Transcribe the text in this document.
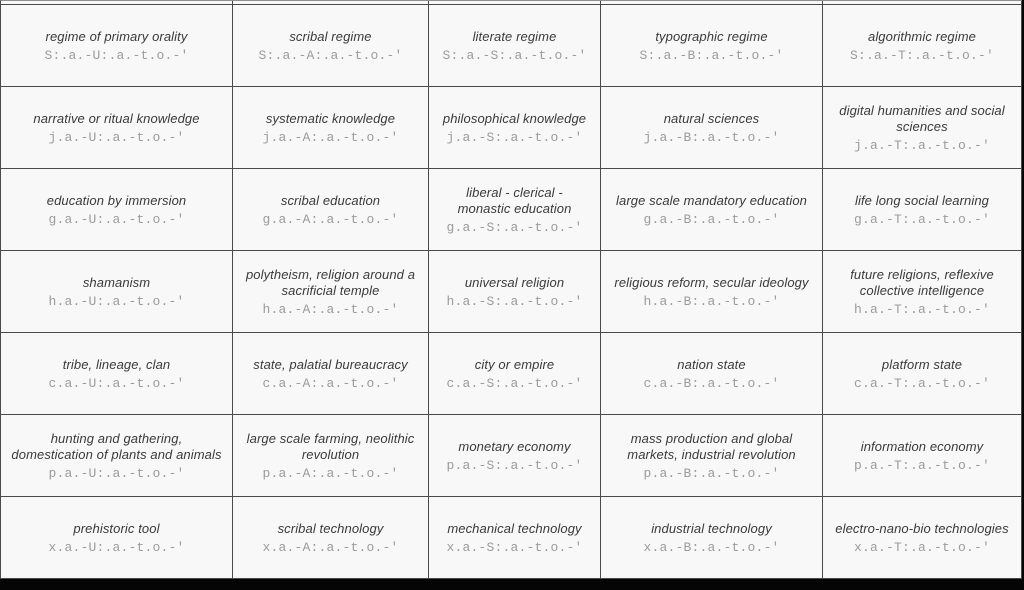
regime of primary orality
S:.a.-U:.a.-t.o.-'
scribal regime
S:.a.-A:.a.-t.o.-'
literate regime
S:.a.-S:.a.-t.o.-'
typographic regime
S:.a.-B:.a.-t.o.-'
algorithmic regime
S:.a.-T:.a.-t.o.-'
narrative or ritual knowledge
j.a.-U:.a.-t.o.-'
systematic knowledge
j.a.-A:.a.-t.o.-'
philosophical knowledge
j.a.-S:.a.-t.o.-'
natural sciences
j.a.-B:.a.-t.o.-'
digital humanities and social sciences
j.a.-T:.a.-t.o.-'
education by immersion
g.a.-U:.a.-t.o.-'
scribal education
g.a.-A:.a.-t.o.-'
liberal - clerical - monastic education
g.a.-S:.a.-t.o.-'
large scale mandatory education
g.a.-B:.a.-t.o.-'
life long social learning
g.a.-T:.a.-t.o.-'
shamanism
h.a.-U:.a.-t.o.-'
polytheism, religion around a sacrificial temple
h.a.-A:.a.-t.o.-'
universal religion
h.a.-S:.a.-t.o.-'
religious reform, secular ideology
h.a.-B:.a.-t.o.-'
future religions, reflexive collective intelligence
h.a.-T:.a.-t.o.-'
tribe, lineage, clan
c.a.-U:.a.-t.o.-'
state, palatial bureaucracy
c.a.-A:.a.-t.o.-'
city or empire
c.a.-S:.a.-t.o.-'
nation state
c.a.-B:.a.-t.o.-'
platform state
c.a.-T:.a.-t.o.-'
hunting and gathering, domestication of plants and animals
p.a.-U:.a.-t.o.-'
large scale farming, neolithic revolution
p.a.-A:.a.-t.o.-'
monetary economy
p.a.-S:.a.-t.o.-'
mass production and global markets, industrial revolution
p.a.-B:.a.-t.o.-'
information economy
p.a.-T:.a.-t.o.-'
prehistoric tool
x.a.-U:.a.-t.o.-'
scribal technology
x.a.-A:.a.-t.o.-'
mechanical technology
x.a.-S:.a.-t.o.-'
industrial technology
x.a.-B:.a.-t.o.-'
electro-nano-bio technologies
x.a.-T:.a.-t.o.-'
